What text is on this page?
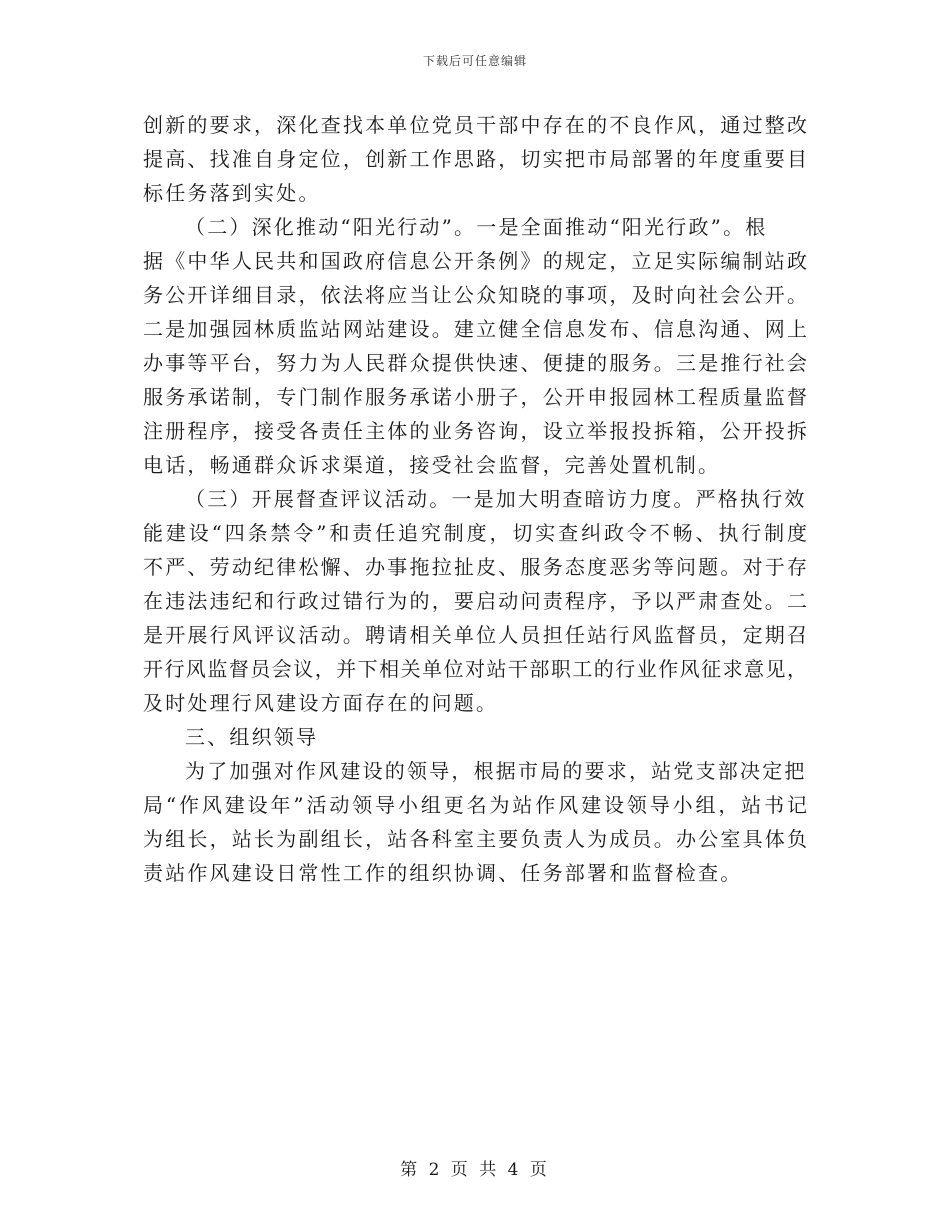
下载后可任意编辑
创新的要求，深化查找本单位党员干部中存在的不良作风，通过整改
提高、找准自身定位，创新工作思路，切实把市局部署的年度重要目
标任务落到实处。
（二）深化推动“阳光行动”。一是全面推动“阳光行政”。根
据《中华人民共和国政府信息公开条例》的规定，立足实际编制站政
务公开详细目录，依法将应当让公众知晓的事项，及时向社会公开。
二是加强园林质监站网站建设。建立健全信息发布、信息沟通、网上
办事等平台，努力为人民群众提供快速、便捷的服务。三是推行社会
服务承诺制，专门制作服务承诺小册子，公开申报园林工程质量监督
注册程序，接受各责任主体的业务咨询，设立举报投拆箱，公开投拆
电话，畅通群众诉求渠道，接受社会监督，完善处置机制。
（三）开展督查评议活动。一是加大明查暗访力度。严格执行效
能建设“四条禁令”和责任追究制度，切实查纠政令不畅、执行制度
不严、劳动纪律松懈、办事拖拉扯皮、服务态度恶劣等问题。对于存
在违法违纪和行政过错行为的，要启动问责程序，予以严肃查处。二
是开展行风评议活动。聘请相关单位人员担任站行风监督员，定期召
开行风监督员会议，并下相关单位对站干部职工的行业作风征求意见，
及时处理行风建设方面存在的问题。
三、组织领导
为了加强对作风建设的领导，根据市局的要求，站党支部决定把
局“作风建设年”活动领导小组更名为站作风建设领导小组，站书记
为组长，站长为副组长，站各科室主要负责人为成员。办公室具体负
责站作风建设日常性工作的组织协调、任务部署和监督检查。
第 2 页 共 4 页
